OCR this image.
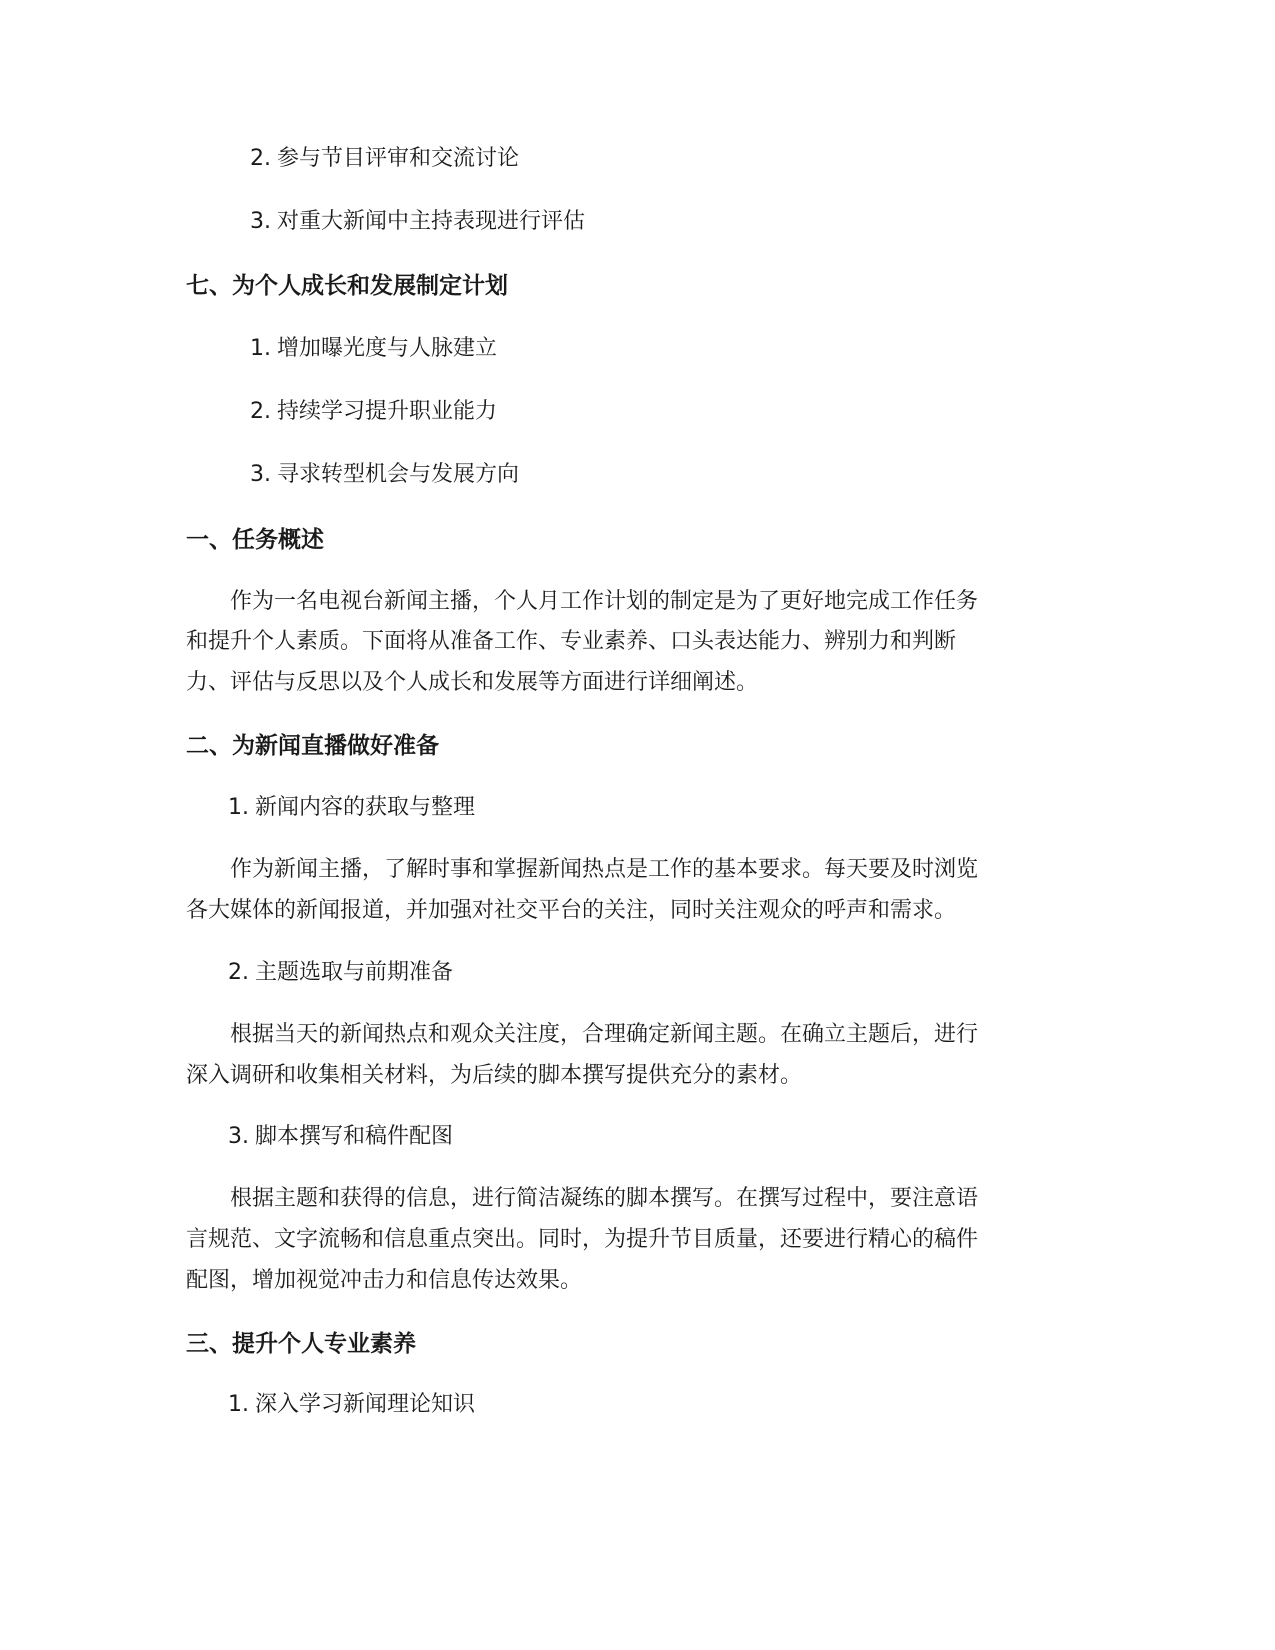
2. 参与节目评审和交流讨论
3. 对重大新闻中主持表现进行评估
七、为个人成长和发展制定计划
1. 增加曝光度与人脉建立
2. 持续学习提升职业能力
3. 寻求转型机会与发展方向
一、任务概述
作为一名电视台新闻主播，个人月工作计划的制定是为了更好地完成工作任务
和提升个人素质。下面将从准备工作、专业素养、口头表达能力、辨别力和判断
力、评估与反思以及个人成长和发展等方面进行详细阐述。
二、为新闻直播做好准备
1. 新闻内容的获取与整理
作为新闻主播，了解时事和掌握新闻热点是工作的基本要求。每天要及时浏览
各大媒体的新闻报道，并加强对社交平台的关注，同时关注观众的呼声和需求。
2. 主题选取与前期准备
根据当天的新闻热点和观众关注度，合理确定新闻主题。在确立主题后，进行
深入调研和收集相关材料，为后续的脚本撰写提供充分的素材。
3. 脚本撰写和稿件配图
根据主题和获得的信息，进行简洁凝练的脚本撰写。在撰写过程中，要注意语
言规范、文字流畅和信息重点突出。同时，为提升节目质量，还要进行精心的稿件
配图，增加视觉冲击力和信息传达效果。
三、提升个人专业素养
1. 深入学习新闻理论知识
